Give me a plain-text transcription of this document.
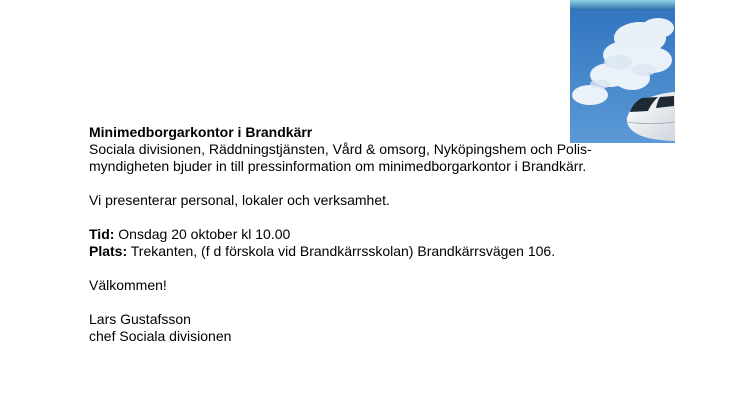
Minimedborgarkontor i Brandkärr

Sociala divisionen, Räddningstjänsten, Vård & omsorg, Nyköpingshem och Polis-

myndigheten bjuder in till pressinformation om minimedborgarkontor i Brandkärr.

Vi presenterar personal, lokaler och verksamhet.

Tid: Onsdag 20 oktober kl 10.00

Plats: Trekanten, (f d förskola vid Brandkärrsskolan) Brandkärrsvägen 106.

Välkommen!

Lars Gustafsson

chef Sociala divisionen
